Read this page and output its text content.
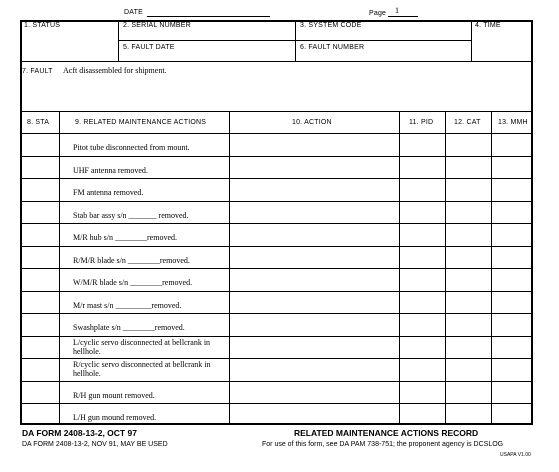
DATE	Page 1
1. STATUS	2. SERIAL NUMBER	3. SYSTEM CODE	4. TIME
5. FAULT DATE	6. FAULT NUMBER
7. FAULT Acft disassembled for shipment.
8. STA	9. RELATED MAINTENANCE ACTIONS	10. ACTION	11. PID	12. CAT 13. MMH
Pitot tube disconnected from mount.
UHF antenna removed.
FM antenna removed.
Stab bar assy s/n _______ removed.
M/R hub s/n ________removed.
R/M/R blade s/n ________removed.
W/M/R blade s/n ________removed.
M/r mast s/n _________removed.
Swashplate s/n ________removed.
L/cyclic servo disconnected at bellcrank in hellhole.
R/cyclic servo disconnected at bellcrank in hellhole.
R/H gun mount removed.
L/H gun mound removed.
DA FORM 2408-13-2, OCT 97
DA FORM 2408-13-2, NOV 91, MAY BE USED
RELATED MAINTENANCE ACTIONS RECORD
For use of this form, see DA PAM 738-751; the proponent agency is DCSLOG
USAPA V1.00
